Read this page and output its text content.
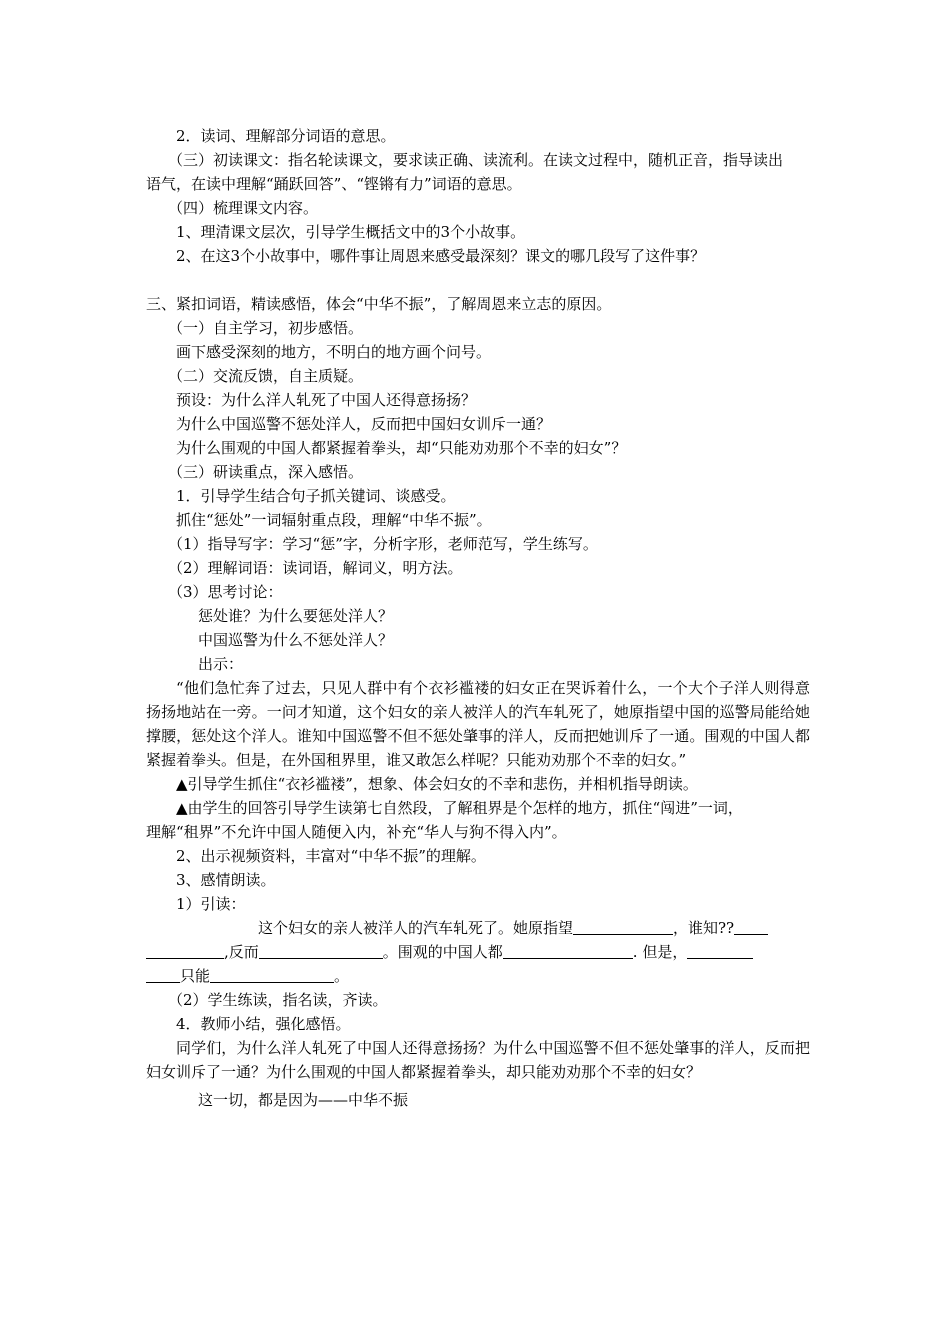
2．读词、理解部分词语的意思。
（三）初读课文：指名轮读课文，要求读正确、读流利。在读文过程中，随机正音，指导读出
语气，在读中理解“踊跃回答”、“铿锵有力”词语的意思。
（四）梳理课文内容。
1、理清课文层次，引导学生概括文中的3个小故事。
2、在这3个小故事中，哪件事让周恩来感受最深刻？课文的哪几段写了这件事？
三、紧扣词语，精读感悟，体会“中华不振”，了解周恩来立志的原因。
（一）自主学习，初步感悟。
画下感受深刻的地方，不明白的地方画个问号。
（二）交流反馈，自主质疑。
预设：为什么洋人轧死了中国人还得意扬扬？
为什么中国巡警不惩处洋人，反而把中国妇女训斥一通？
为什么围观的中国人都紧握着拳头，却“只能劝劝那个不幸的妇女”？
（三）研读重点，深入感悟。
1．引导学生结合句子抓关键词、谈感受。
抓住“惩处”一词辐射重点段，理解“中华不振”。
（1）指导写字：学习“惩”字，分析字形，老师范写，学生练写。
（2）理解词语：读词语，解词义，明方法。
（3）思考讨论：
惩处谁？为什么要惩处洋人？
中国巡警为什么不惩处洋人？
出示：
“他们急忙奔了过去，只见人群中有个衣衫褴褛的妇女正在哭诉着什么，一个大个子洋人则得意扬扬地站在一旁。一问才知道，这个妇女的亲人被洋人的汽车轧死了，她原指望中国的巡警局能给她撑腰，惩处这个洋人。谁知中国巡警不但不惩处肇事的洋人，反而把她训斥了一通。围观的中国人都紧握着拳头。但是，在外国租界里，谁又敢怎么样呢？只能劝劝那个不幸的妇女。”
▲引导学生抓住“衣衫褴褛”，想象、体会妇女的不幸和悲伤，并相机指导朗读。
▲由学生的回答引导学生读第七自然段，了解租界是个怎样的地方，抓住“闯进”一词，
理解“租界”不允许中国人随便入内，补充“华人与狗不得入内”。
2、出示视频资料，丰富对“中华不振”的理解。
3、感情朗读。
1）引读：
这个妇女的亲人被洋人的汽车轧死了。她原指望	，谁知??
,反而	。围观的中国人都	. 但是，
只能	。
（2）学生练读，指名读，齐读。
4．教师小结，强化感悟。
同学们，为什么洋人轧死了中国人还得意扬扬？为什么中国巡警不但不惩处肇事的洋人，反而把妇女训斥了一通？为什么围观的中国人都紧握着拳头，却只能劝劝那个不幸的妇女？
这一切，都是因为——中华不振
